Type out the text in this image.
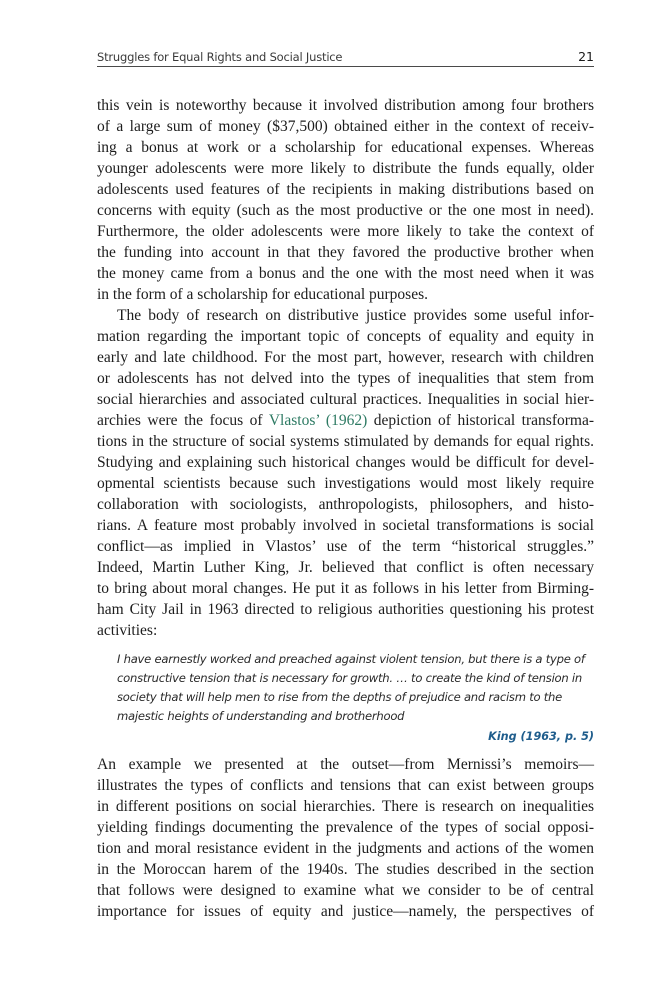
Struggles for Equal Rights and Social Justice	21

this vein is noteworthy because it involved distribution among four brothers
of a large sum of money ($37,500) obtained either in the context of receiv-
ing a bonus at work or a scholarship for educational expenses. Whereas
younger adolescents were more likely to distribute the funds equally, older
adolescents used features of the recipients in making distributions based on
concerns with equity (such as the most productive or the one most in need).
Furthermore, the older adolescents were more likely to take the context of
the funding into account in that they favored the productive brother when
the money came from a bonus and the one with the most need when it was
in the form of a scholarship for educational purposes.

The body of research on distributive justice provides some useful infor-
mation regarding the important topic of concepts of equality and equity in
early and late childhood. For the most part, however, research with children
or adolescents has not delved into the types of inequalities that stem from
social hierarchies and associated cultural practices. Inequalities in social hier-
archies were the focus of Vlastos’ (1962) depiction of historical transforma-
tions in the structure of social systems stimulated by demands for equal rights.
Studying and explaining such historical changes would be difficult for devel-
opmental scientists because such investigations would most likely require
collaboration with sociologists, anthropologists, philosophers, and histo-
rians. A feature most probably involved in societal transformations is social
conflict—as implied in Vlastos’ use of the term “historical struggles.”
Indeed, Martin Luther King, Jr. believed that conflict is often necessary
to bring about moral changes. He put it as follows in his letter from Birming-
ham City Jail in 1963 directed to religious authorities questioning his protest
activities:

I have earnestly worked and preached against violent tension, but there is a type of
constructive tension that is necessary for growth. … to create the kind of tension in
society that will help men to rise from the depths of prejudice and racism to the
majestic heights of understanding and brotherhood
King (1963, p. 5)

An example we presented at the outset—from Mernissi’s memoirs—
illustrates the types of conflicts and tensions that can exist between groups
in different positions on social hierarchies. There is research on inequalities
yielding findings documenting the prevalence of the types of social opposi-
tion and moral resistance evident in the judgments and actions of the women
in the Moroccan harem of the 1940s. The studies described in the section
that follows were designed to examine what we consider to be of central
importance for issues of equity and justice—namely, the perspectives of
